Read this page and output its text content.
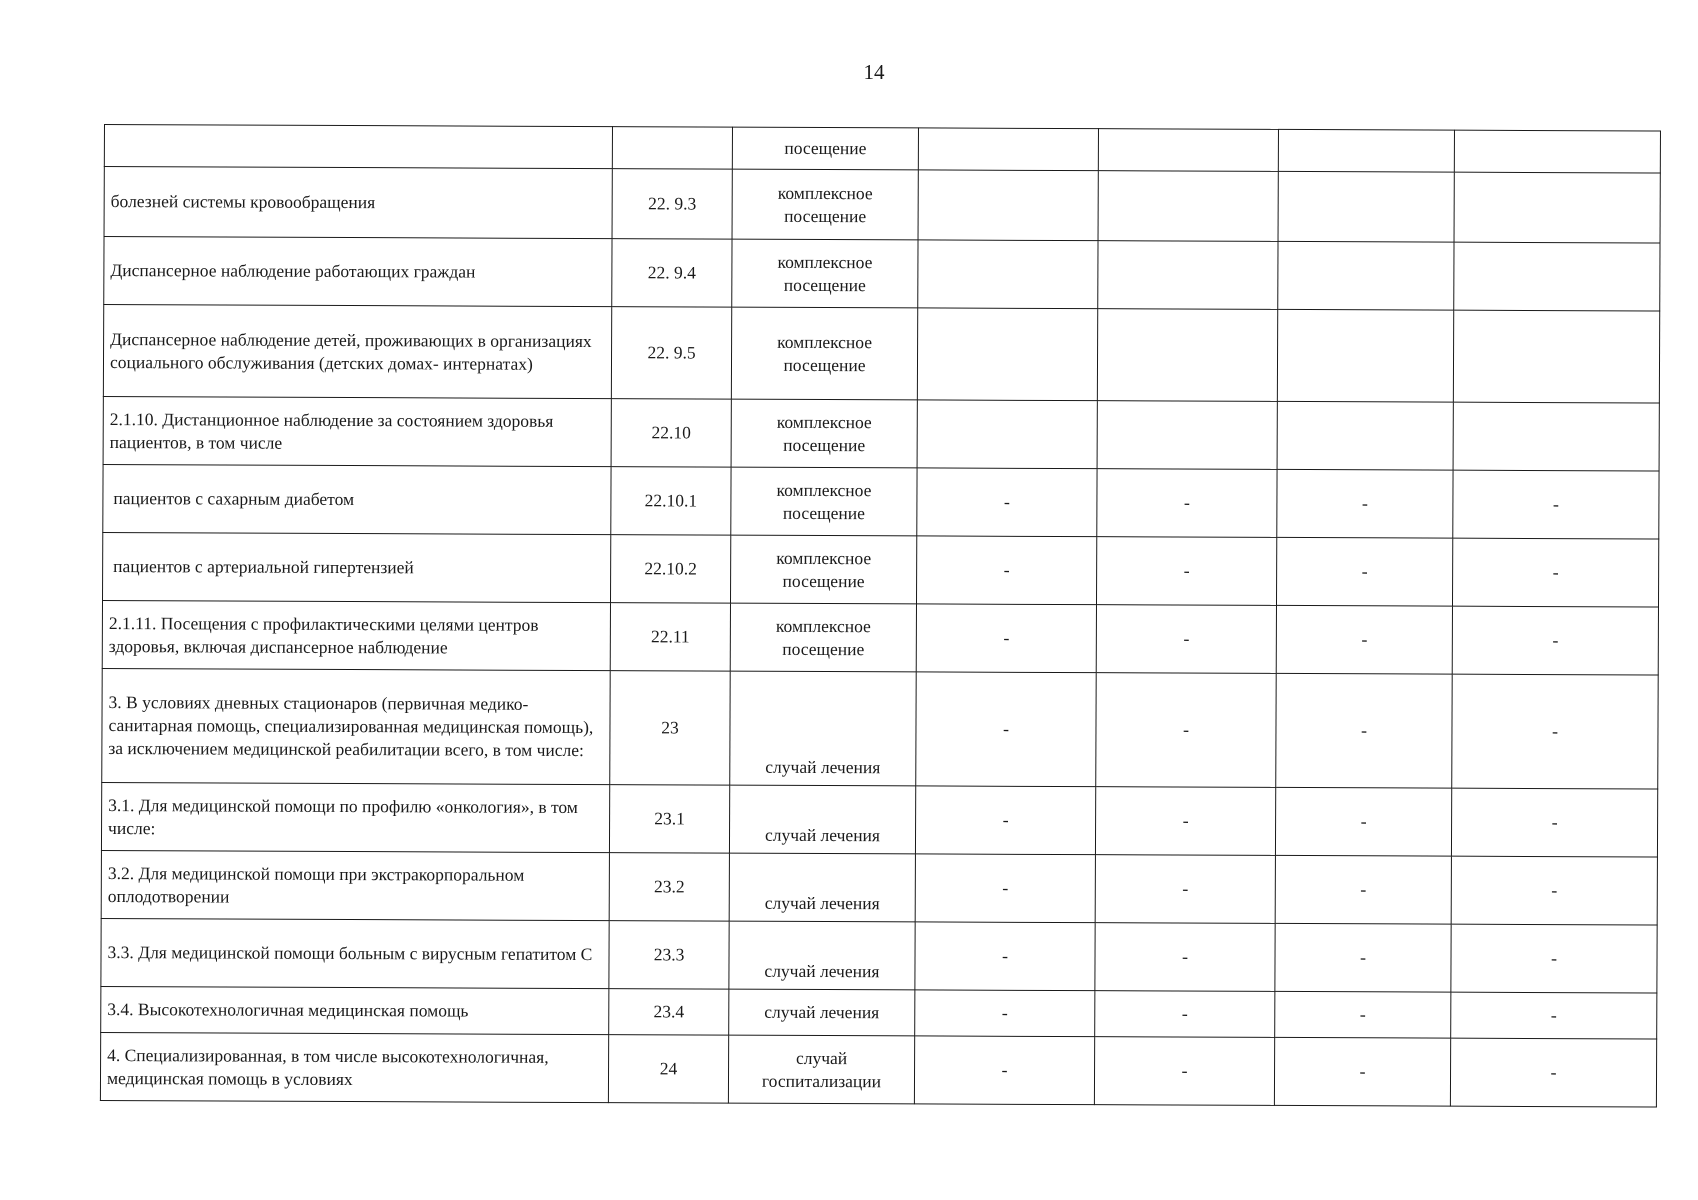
14
		посещение				
болезней системы кровообращения	22. 9.3	комплексное посещение				
Диспансерное наблюдение работающих граждан	22. 9.4	комплексное посещение				
Диспансерное наблюдение детей, проживающих в организациях социального обслуживания (детских домах- интернатах)	22. 9.5	комплексное посещение				
2.1.10. Дистанционное наблюдение за состоянием здоровья пациентов, в том числе	22.10	комплексное посещение				
пациентов с сахарным диабетом	22.10.1	комплексное посещение	-	-	-	-
пациентов с артериальной гипертензией	22.10.2	комплексное посещение	-	-	-	-
2.1.11. Посещения с профилактическими целями центров здоровья, включая диспансерное наблюдение	22.11	комплексное посещение	-	-	-	-
3. В условиях дневных стационаров (первичная медико-санитарная помощь, специализированная медицинская помощь), за исключением медицинской реабилитации всего, в том числе:	23	случай лечения	-	-	-	-
3.1. Для медицинской помощи по профилю «онкология», в том числе:	23.1	случай лечения	-	-	-	-
3.2. Для медицинской помощи при экстракорпоральном оплодотворении	23.2	случай лечения	-	-	-	-
3.3. Для медицинской помощи больным с вирусным гепатитом С	23.3	случай лечения	-	-	-	-
3.4. Высокотехнологичная медицинская помощь	23.4	случай лечения	-	-	-	-
4. Специализированная, в том числе высокотехнологичная, медицинская помощь в условиях	24	случай госпитализации	-	-	-	-
